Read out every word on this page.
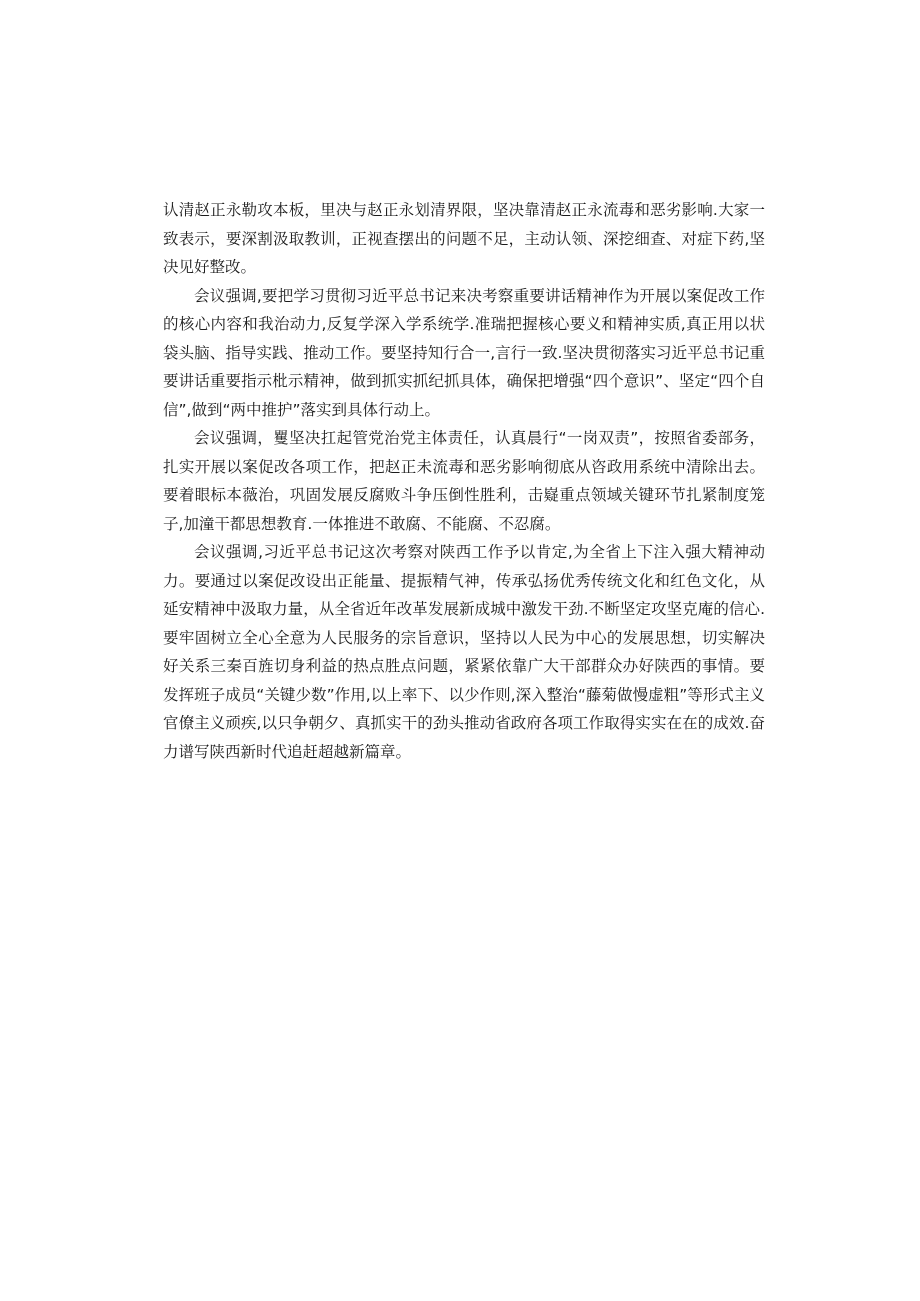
认清赵正永勒攻本板，里决与赵正永划清界限，坚决靠清赵正永流毒和恶劣影响.大家一致表示，要深割汲取教训，正视查摆出的问题不足，主动认领、深挖细查、对症下药,坚决见好整改。

会议强调,要把学习贯彻习近平总书记来决考察重要讲话精神作为开展以案促改工作的核心内容和我治动力,反复学深入学系统学.准瑞把握核心要义和精神实质,真正用以状袋头脑、指导实践、推动工作。要坚持知行合一,言行一致.坚决贯彻落实习近平总书记重要讲话重要指示枇示精神，做到抓实抓纪抓具体，确保把增强“四个意识”、坚定“四个自信”,做到“两中推护”落实到具体行动上。

会议强调，矍坚决扛起管党治党主体责任，认真晨行“一岗双责”，按照省委部务，扎实开展以案促改各项工作，把赵正未流毒和恶劣影响彻底从咨政用系统中清除出去。要着眼标本薇治，巩固发展反腐败斗争压倒性胜利，击嶷重点领域关键环节扎紧制度笼子,加潼干都思想教育.一体推进不敢腐、不能腐、不忍腐。

会议强调,习近平总书记这次考察对陕西工作予以肯定,为全省上下注入强大精神动力。要通过以案促改设出正能量、提振精气神，传承弘扬优秀传统文化和红色文化，从延安精神中汲取力量，从全省近年改革发展新成城中激发干劲.不断坚定攻坚克庵的信心.要牢固树立全心全意为人民服务的宗旨意识，坚持以人民为中心的发展思想，切实解决好关系三秦百旌切身利益的热点胜点问题，紧紧依靠广大干部群众办好陕西的事情。要发挥班子成员“关键少数”作用,以上率下、以少作则,深入整治“藤菊做慢虚粗”等形式主义官僚主义顽疾,以只争朝夕、真抓实干的劲头推动省政府各项工作取得实实在在的成效.奋力谱写陕西新时代追赶超越新篇章。
